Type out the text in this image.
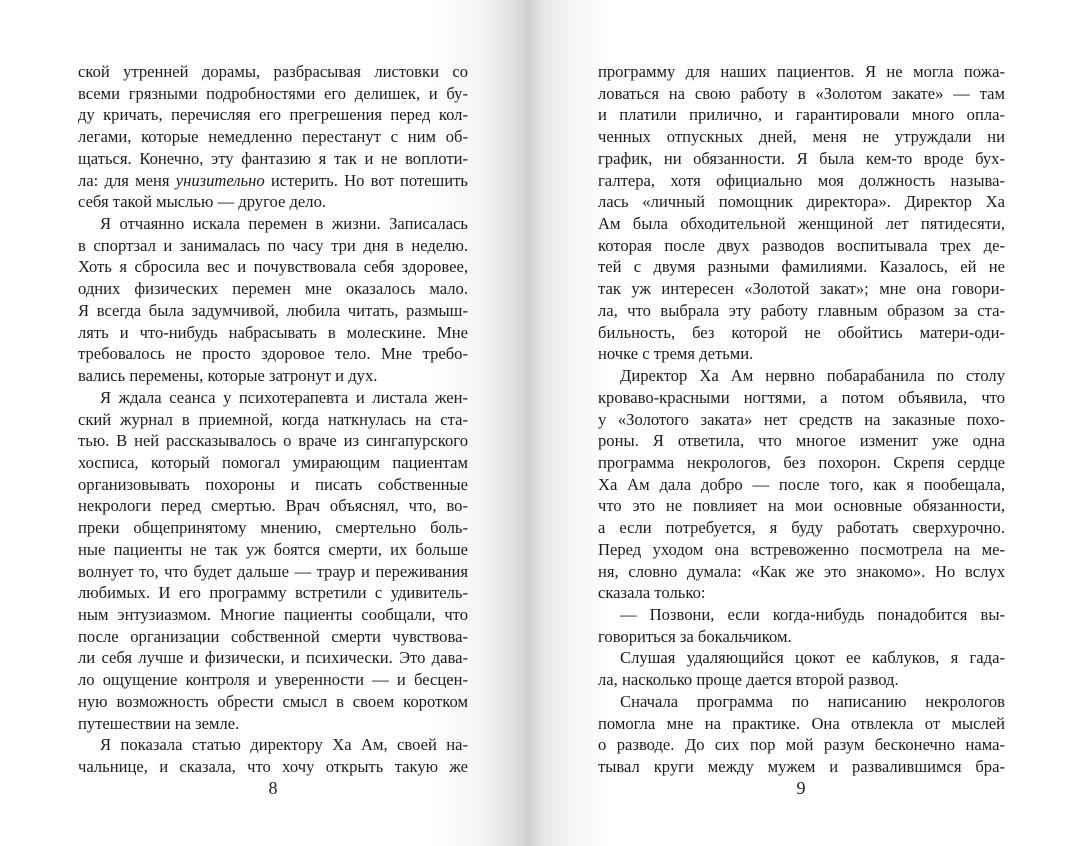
ской утренней дорамы, разбрасывая листовки со
всеми грязными подробностями его делишек, и бу-
ду кричать, перечисляя его прегрешения перед кол-
легами, которые немедленно перестанут с ним об-
щаться. Конечно, эту фантазию я так и не воплоти-
ла: для меня унизительно истерить. Но вот потешить
себя такой мыслью — другое дело.
Я отчаянно искала перемен в жизни. Записалась
в спортзал и занималась по часу три дня в неделю.
Хоть я сбросила вес и почувствовала себя здоровее,
одних физических перемен мне оказалось мало.
Я всегда была задумчивой, любила читать, размыш-
лять и что-нибудь набрасывать в молескине. Мне
требовалось не просто здоровое тело. Мне требо-
вались перемены, которые затронут и дух.
Я ждала сеанса у психотерапевта и листала жен-
ский журнал в приемной, когда наткнулась на ста-
тью. В ней рассказывалось о враче из сингапурского
хосписа, который помогал умирающим пациентам
организовывать похороны и писать собственные
некрологи перед смертью. Врач объяснял, что, во-
преки общепринятому мнению, смертельно боль-
ные пациенты не так уж боятся смерти, их больше
волнует то, что будет дальше — траур и переживания
любимых. И его программу встретили с удивитель-
ным энтузиазмом. Многие пациенты сообщали, что
после организации собственной смерти чувствова-
ли себя лучше и физически, и психически. Это дава-
ло ощущение контроля и уверенности — и бесцен-
ную возможность обрести смысл в своем коротком
путешествии на земле.
Я показала статью директору Ха Ам, своей на-
чальнице, и сказала, что хочу открыть такую же
8
программу для наших пациентов. Я не могла пожа-
ловаться на свою работу в «Золотом закате» — там
и платили прилично, и гарантировали много опла-
ченных отпускных дней, меня не утруждали ни
график, ни обязанности. Я была кем-то вроде бух-
галтера, хотя официально моя должность называ-
лась «личный помощник директора». Директор Ха
Ам была обходительной женщиной лет пятидесяти,
которая после двух разводов воспитывала трех де-
тей с двумя разными фамилиями. Казалось, ей не
так уж интересен «Золотой закат»; мне она говори-
ла, что выбрала эту работу главным образом за ста-
бильность, без которой не обойтись матери-оди-
ночке с тремя детьми.
Директор Ха Ам нервно побарабанила по столу
кроваво-красными ногтями, а потом объявила, что
у «Золотого заката» нет средств на заказные похо-
роны. Я ответила, что многое изменит уже одна
программа некрологов, без похорон. Скрепя сердце
Ха Ам дала добро — после того, как я пообещала,
что это не повлияет на мои основные обязанности,
а если потребуется, я буду работать сверхурочно.
Перед уходом она встревоженно посмотрела на ме-
ня, словно думала: «Как же это знакомо». Но вслух
сказала только:
— Позвони, если когда-нибудь понадобится вы-
говориться за бокальчиком.
Слушая удаляющийся цокот ее каблуков, я гада-
ла, насколько проще дается второй развод.
Сначала программа по написанию некрологов
помогла мне на практике. Она отвлекла от мыслей
о разводе. До сих пор мой разум бесконечно нама-
тывал круги между мужем и развалившимся бра-
9
